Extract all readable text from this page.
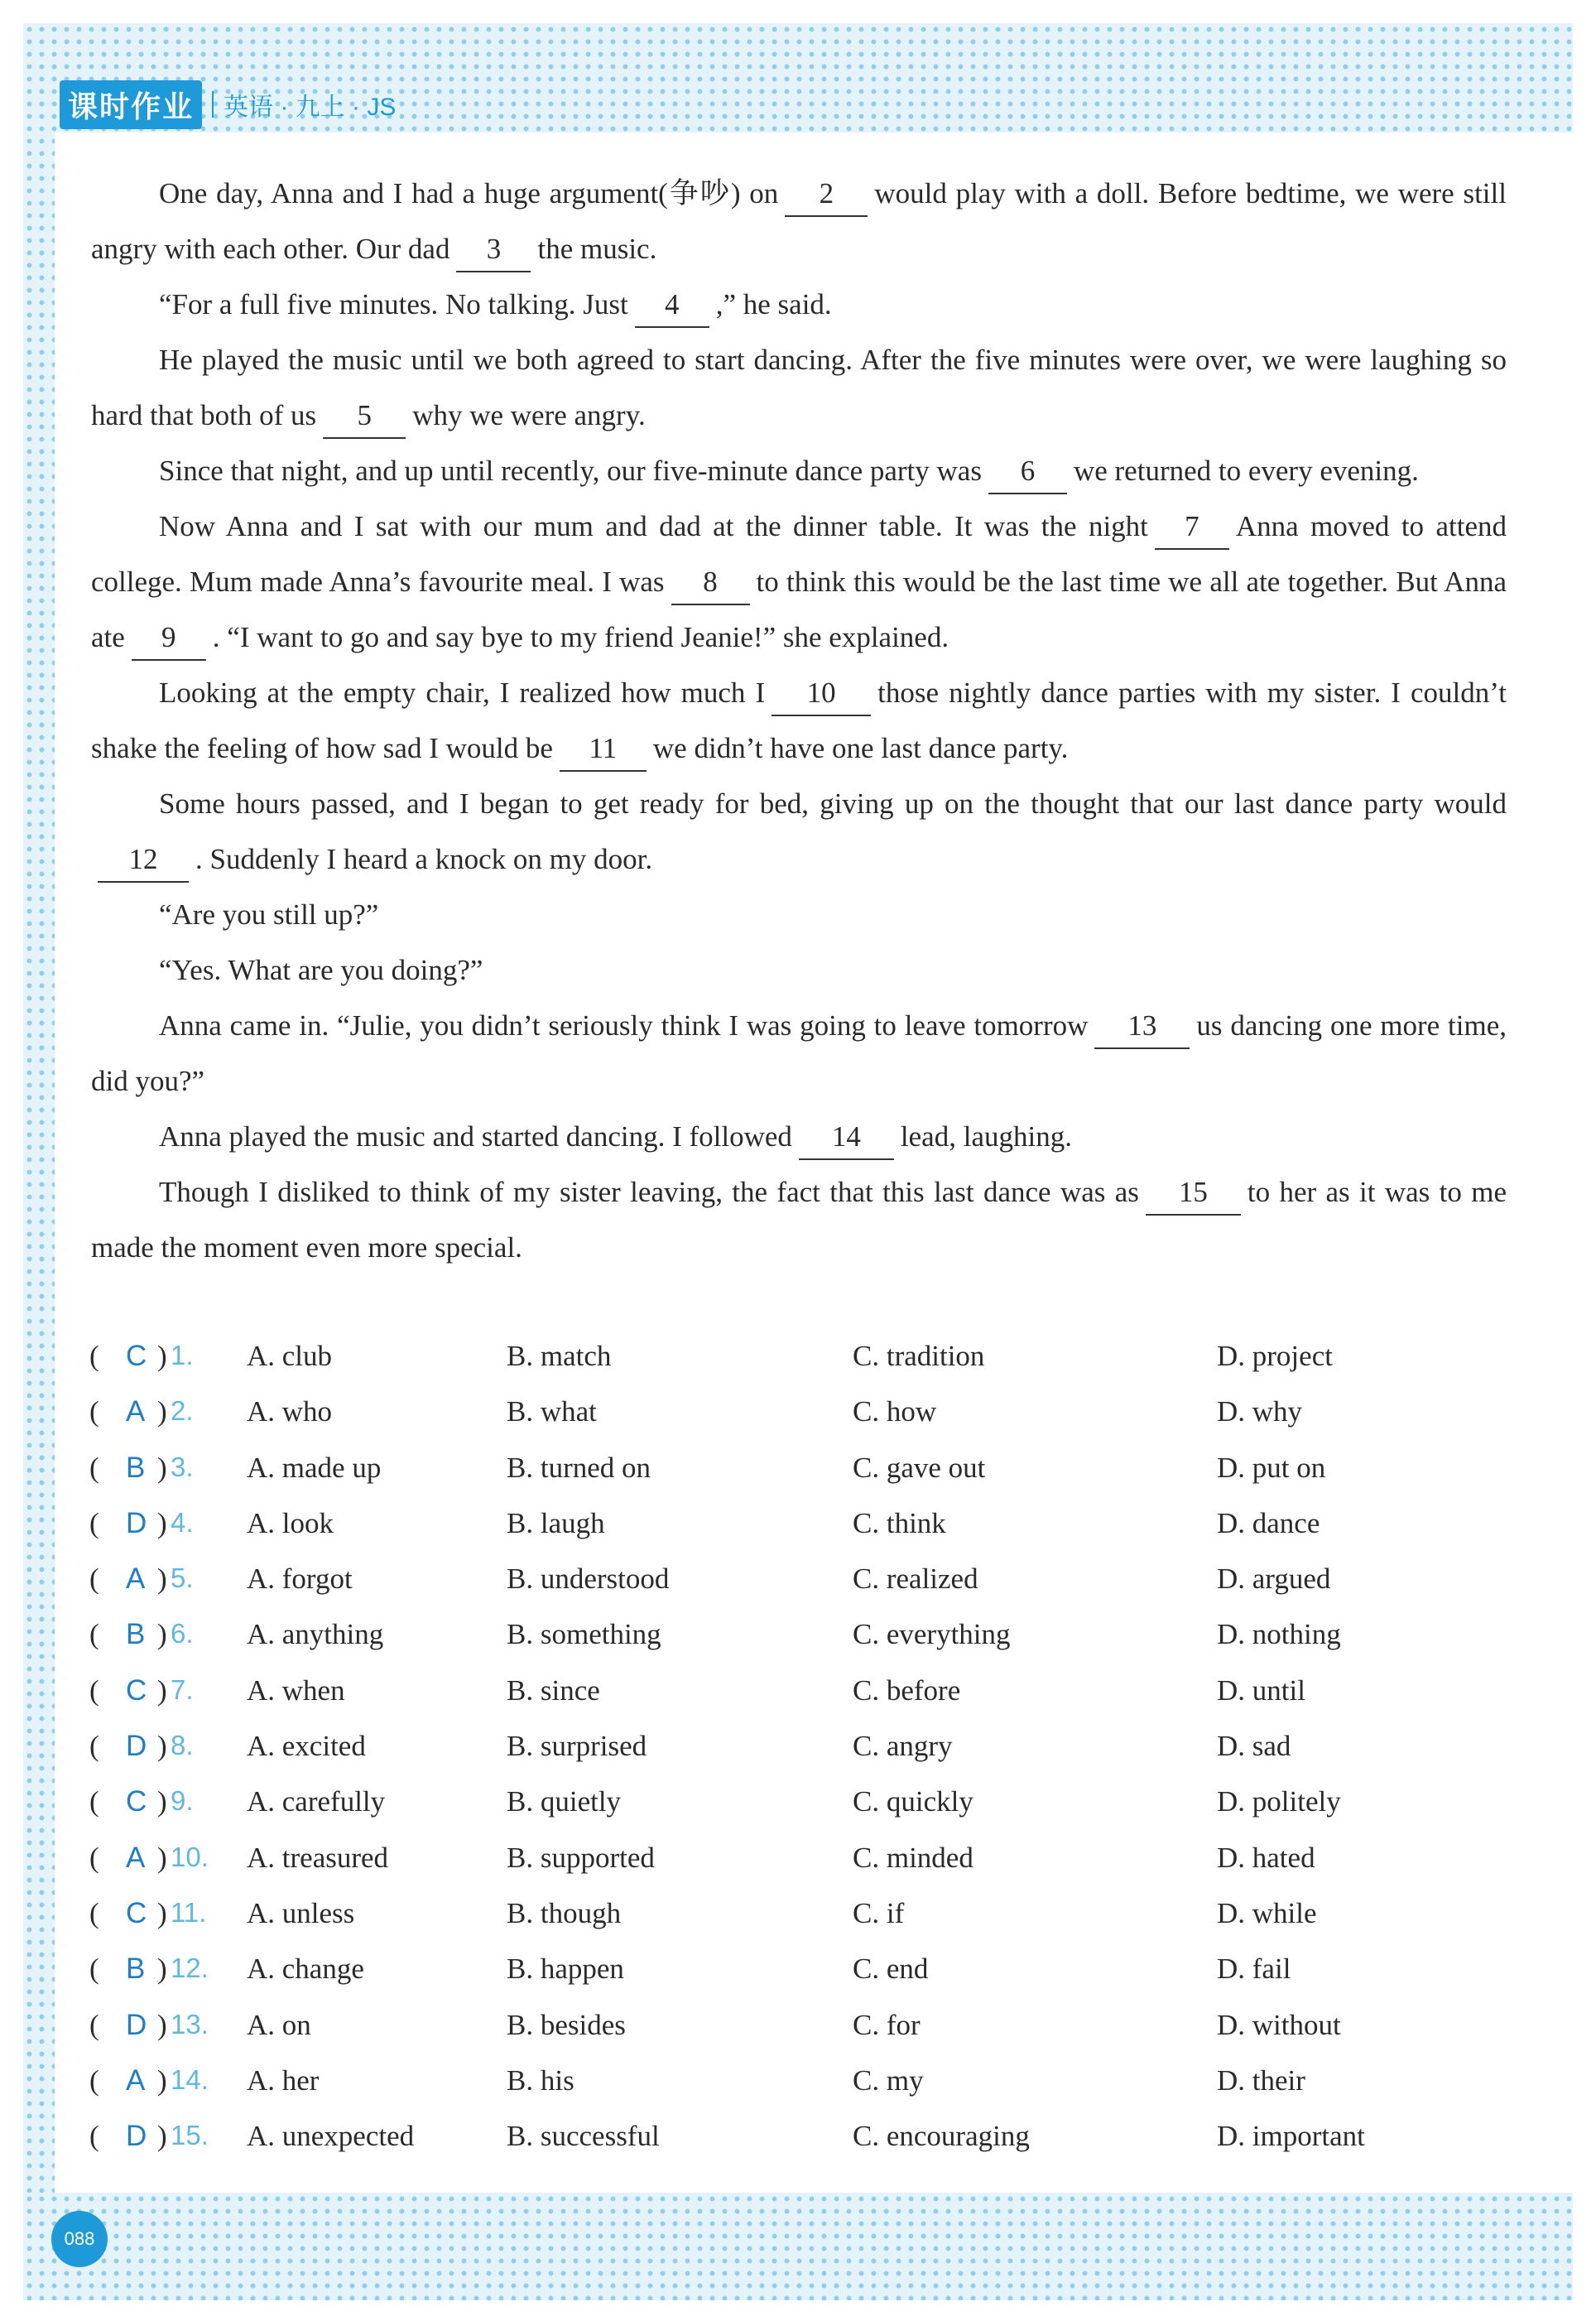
课时作业	英语 · 九上 · JS

One day, Anna and I had a huge argument(争吵) on 2 would play with a doll. Before bedtime, we were still angry with each other. Our dad 3 the music.

“For a full five minutes. No talking. Just 4 ,” he said.

He played the music until we both agreed to start dancing. After the five minutes were over, we were laughing so hard that both of us 5 why we were angry.

Since that night, and up until recently, our five-minute dance party was 6 we returned to every evening.

Now Anna and I sat with our mum and dad at the dinner table. It was the night 7 Anna moved to attend college. Mum made Anna’s favourite meal. I was 8 to think this would be the last time we all ate together. But Anna ate 9 . “I want to go and say bye to my friend Jeanie!” she explained.

Looking at the empty chair, I realized how much I 10 those nightly dance parties with my sister. I couldn’t shake the feeling of how sad I would be 11 we didn’t have one last dance party.

Some hours passed, and I began to get ready for bed, giving up on the thought that our last dance party would12 . Suddenly I heard a knock on my door.

“Are you still up?”

“Yes. What are you doing?”

Anna came in. “Julie, you didn’t seriously think I was going to leave tomorrow 13 us dancing one more time, did you?”

Anna played the music and started dancing. I followed 14 lead, laughing.

Though I disliked to think of my sister leaving, the fact that this last dance was as 15 to her as it was to me made the moment even more special.

( C ) 1. A. club	B. match	C. tradition	D. project
( A ) 2. A. who	B. what	C. how	D. why
( B ) 3. A. made up	B. turned on	C. gave out	D. put on
( D ) 4. A. look	B. laugh	C. think	D. dance
( A ) 5. A. forgot	B. understood	C. realized	D. argued
( B ) 6. A. anything	B. something	C. everything	D. nothing
( C ) 7. A. when	B. since	C. before	D. until
( D ) 8. A. excited	B. surprised	C. angry	D. sad
( C ) 9. A. carefully	B. quietly	C. quickly	D. politely
( A ) 10. A. treasured	B. supported	C. minded	D. hated
( C ) 11. A. unless	B. though	C. if	D. while
( B ) 12. A. change	B. happen	C. end	D. fail
( D ) 13. A. on	B. besides	C. for	D. without
( A ) 14. A. her	B. his	C. my	D. their
( D ) 15. A. unexpected	B. successful	C. encouraging	D. important
088
